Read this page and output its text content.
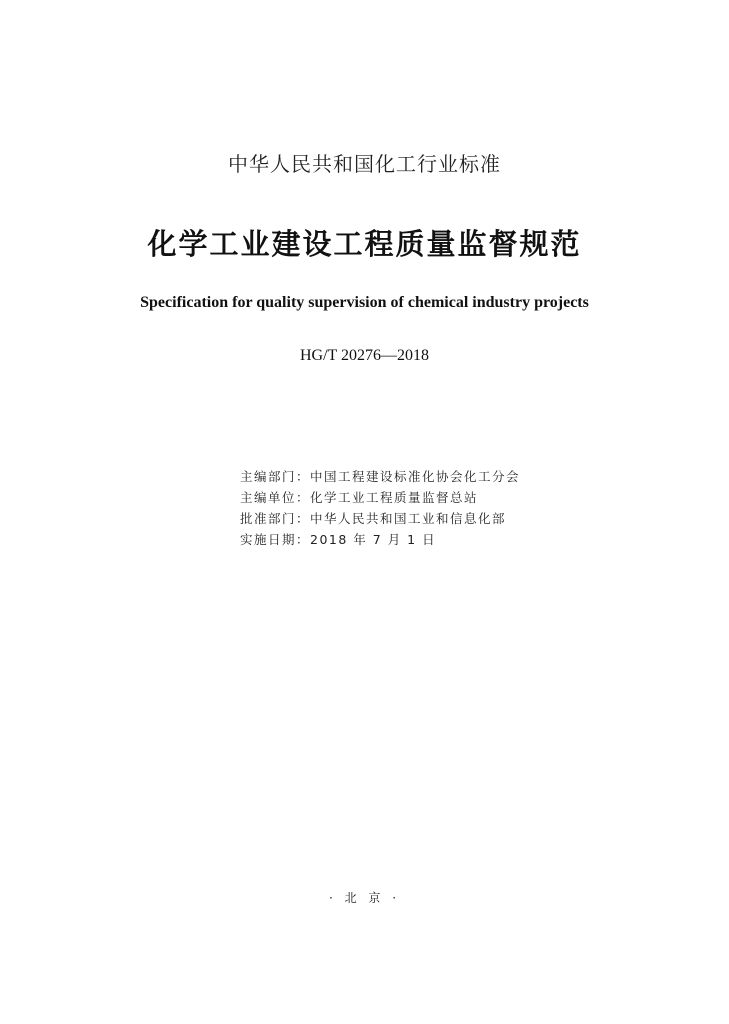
中华人民共和国化工行业标准
化学工业建设工程质量监督规范
Specification for quality supervision of chemical industry projects
HG/T 20276—2018
主编部门：中国工程建设标准化协会化工分会
主编单位：化学工业工程质量监督总站
批准部门：中华人民共和国工业和信息化部
实施日期：2018 年 7 月 1 日
· 北 京 ·
